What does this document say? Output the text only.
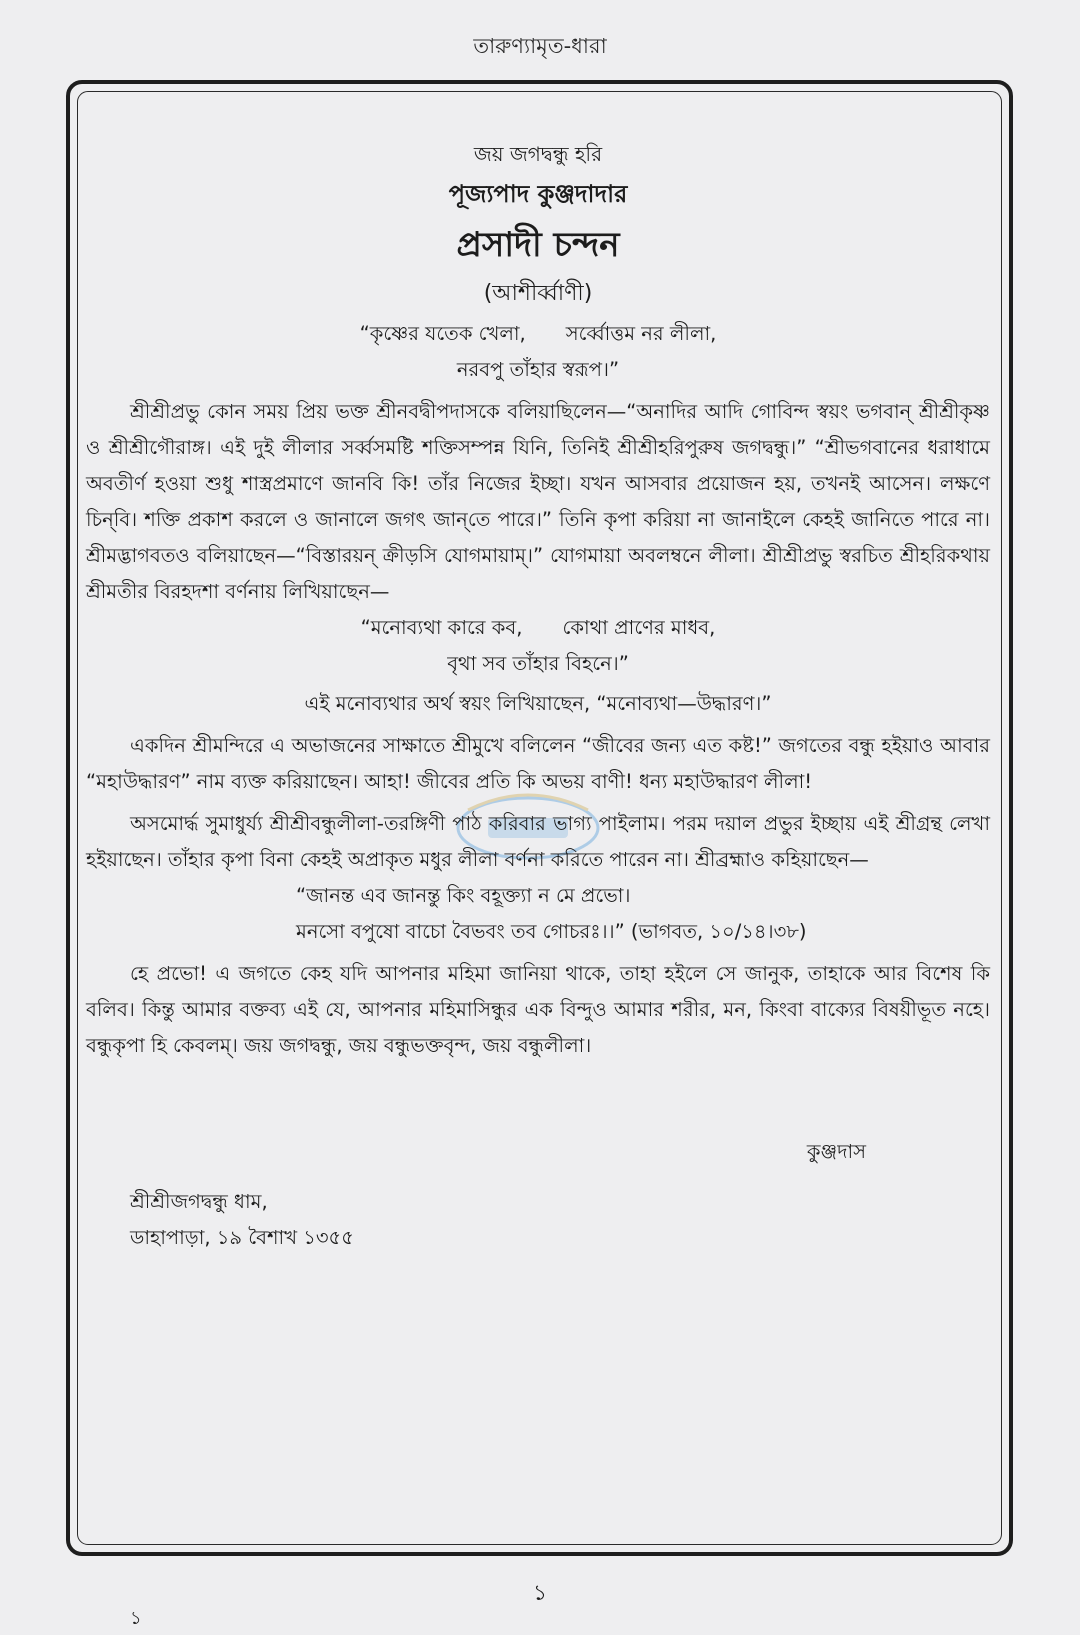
তারুণ্যামৃত-ধারা
জয় জগদ্বন্ধু হরি
পূজ্যপাদ কুঞ্জদাদার
প্রসাদী চন্দন
(আশীর্ব্বাণী)
“কৃষ্ণের যতেক খেলা, সর্ব্বোত্তম নর লীলা,
নরবপু তাঁহার স্বরূপ।”

শ্রীশ্রীপ্রভু কোন সময় প্রিয় ভক্ত শ্রীনবদ্বীপদাসকে বলিয়াছিলেন—“অনাদির আদি গোবিন্দ স্বয়ং ভগবান্ শ্রীশ্রীকৃষ্ণ ও শ্রীশ্রীগৌরাঙ্গ। এই দুই লীলার সর্ব্বসমষ্টি শক্তিসম্পন্ন যিনি, তিনিই শ্রীশ্রীহরিপুরুষ জগদ্বন্ধু।” “শ্রীভগবানের ধরাধামে অবতীর্ণ হওয়া শুধু শাস্ত্রপ্রমাণে জানবি কি! তাঁর নিজের ইচ্ছা। যখন আসবার প্রয়োজন হয়, তখনই আসেন। লক্ষণে চিন্‌বি। শক্তি প্রকাশ করলে ও জানালে জগৎ জান্‌তে পারে।” তিনি কৃপা করিয়া না জানাইলে কেহই জানিতে পারে না। শ্রীমদ্ভাগবতও বলিয়াছেন—“বিস্তারয়ন্ ক্রীড়সি যোগমায়াম্।” যোগমায়া অবলম্বনে লীলা। শ্রীশ্রীপ্রভু স্বরচিত শ্রীহরিকথায় শ্রীমতীর বিরহদশা বর্ণনায় লিখিয়াছেন—

“মনোব্যথা কারে কব, কোথা প্রাণের মাধব,
বৃথা সব তাঁহার বিহনে।”
এই মনোব্যথার অর্থ স্বয়ং লিখিয়াছেন, “মনোব্যথা—উদ্ধারণ।”

একদিন শ্রীমন্দিরে এ অভাজনের সাক্ষাতে শ্রীমুখে বলিলেন “জীবের জন্য এত কষ্ট!” জগতের বন্ধু হইয়াও আবার “মহাউদ্ধারণ” নাম ব্যক্ত করিয়াছেন। আহা! জীবের প্রতি কি অভয় বাণী! ধন্য মহাউদ্ধারণ লীলা!

অসমোর্দ্ধ সুমাধুর্য্য শ্রীশ্রীবন্ধুলীলা-তরঙ্গিণী পাঠ করিবার ভাগ্য পাইলাম। পরম দয়াল প্রভুর ইচ্ছায় এই শ্রীগ্রন্থ লেখা হইয়াছেন। তাঁহার কৃপা বিনা কেহই অপ্রাকৃত মধুর লীলা বর্ণনা করিতে পারেন না। শ্রীব্রহ্মাও কহিয়াছেন—

“জানন্ত এব জানন্তু কিং বহূক্ত্যা ন মে প্রভো।
মনসো বপুষো বাচো বৈভবং তব গোচরঃ।।” (ভাগবত, ১০/১৪।৩৮)

হে প্রভো! এ জগতে কেহ যদি আপনার মহিমা জানিয়া থাকে, তাহা হইলে সে জানুক, তাহাকে আর বিশেষ কি বলিব। কিন্তু আমার বক্তব্য এই যে, আপনার মহিমাসিন্ধুর এক বিন্দুও আমার শরীর, মন, কিংবা বাক্যের বিষয়ীভূত নহে। বন্ধুকৃপা হি কেবলম্। জয় জগদ্বন্ধু, জয় বন্ধুভক্তবৃন্দ, জয় বন্ধুলীলা।

কুঞ্জদাস
শ্রীশ্রীজগদ্বন্ধু ধাম,
ডাহাপাড়া, ১৯ বৈশাখ ১৩৫৫
১
১
